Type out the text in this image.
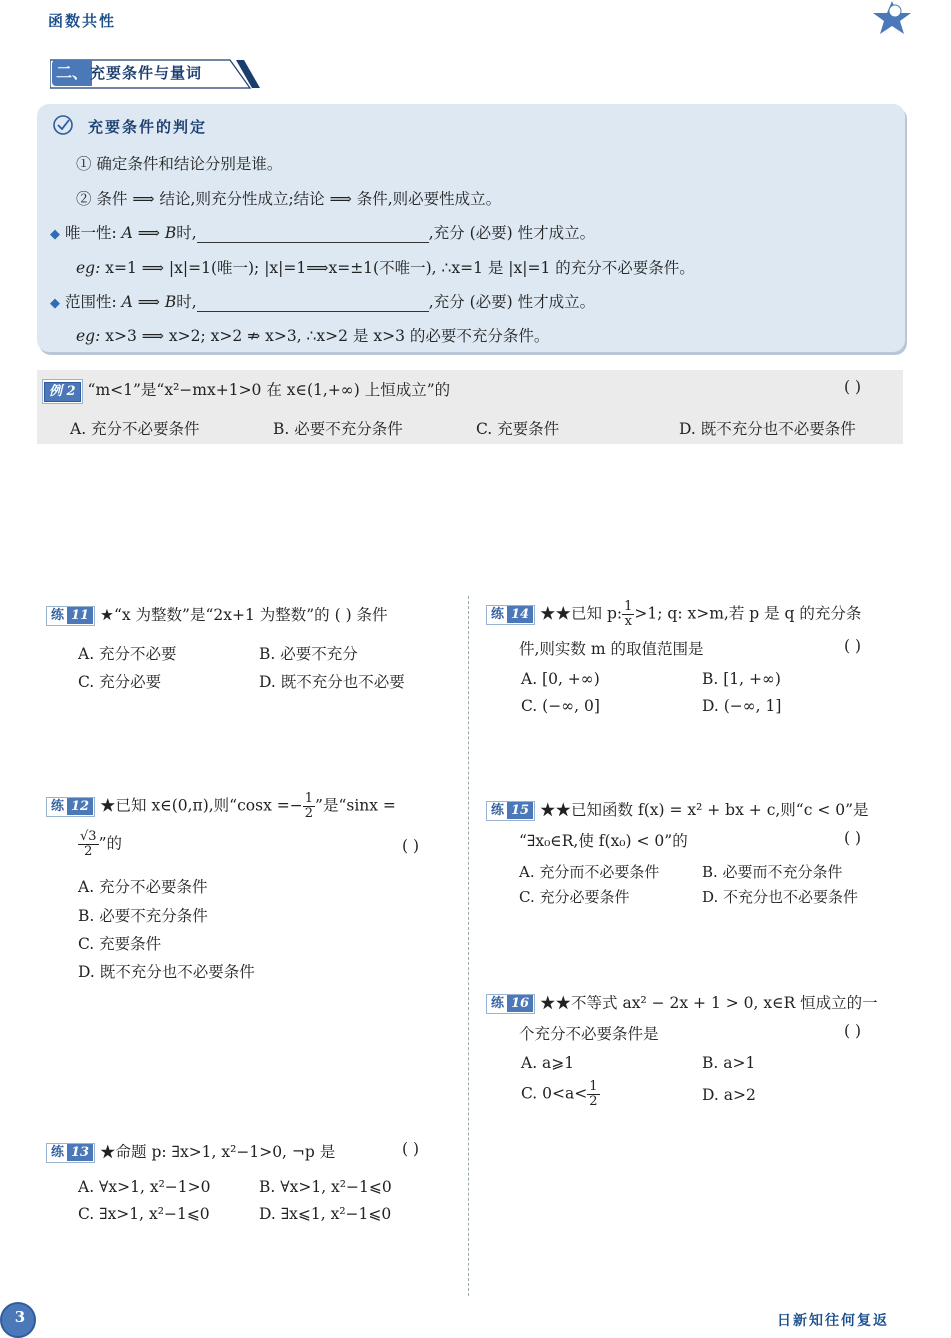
函数共性
二、 充要条件与量词
充要条件的判定
① 确定条件和结论分别是谁。
② 条件 ⟹ 结论,则充分性成立;结论 ⟹ 条件,则必要性成立。
◆ 唯一性: A ⟹ B时,	,充分 (必要) 性才成立。
eg: x=1 ⟹ |x|=1(唯一); |x|=1⟹x=±1(不唯一), ∴x=1 是 |x|=1 的充分不必要条件。
◆ 范围性: A ⟹ B时,	,充分 (必要) 性才成立。
eg: x>3 ⟹ x>2; x>2 ⇏ x>3, ∴x>2 是 x>3 的必要不充分条件。
例 2 “m<1”是“x²−mx+1>0 在 x∈(1,+∞) 上恒成立”的	( )
A. 充分不必要条件	B. 必要不充分条件	C. 充要条件	D. 既不充分也不必要条件
练 11 ★“x 为整数”是“2x+1 为整数”的 ( ) 条件
A. 充分不必要	B. 必要不充分
C. 充分必要	D. 既不充分也不必要
练 12 ★已知 x∈(0,π),则“$\cos x =- \frac{1}{2}$ ”是“sinx =
$\frac{√3}{2}$ ”的	( )
A. 充分不必要条件
B. 必要不充分条件
C. 充要条件
D. 既不充分也不必要条件
练 13 ★命题 p: ∃x>1, x²−1>0, ¬p 是	( )
A. ∀x>1, x²−1>0	B. ∀x>1, x²−1⩽0
C. ∃x>1, x²−1⩽0	D. ∃x⩽1, x²−1⩽0
练 14 ★★已知 p: $\frac{1}{x} >1$; q: x>m,若 p 是 q 的充分条
件,则实数 m 的取值范围是	( )
A. [0, +∞)	B. [1, +∞)
C. (−∞, 0]	D. (−∞, 1]
练 15 ★★已知函数 f(x) = x² + bx + c,则“c < 0”是
“∃x₀∈R,使 f(x₀) < 0”的	( )
A. 充分而不必要条件	B. 必要而不充分条件
C. 充分必要条件	D. 不充分也不必要条件
练 16 ★★不等式 ax² − 2x + 1 > 0, x∈R 恒成立的一
个充分不必要条件是	( )
A. a⩾1	B. a>1
C. $0<a< \frac{1}{2}$	D. a>2
3	日新知往何复返
